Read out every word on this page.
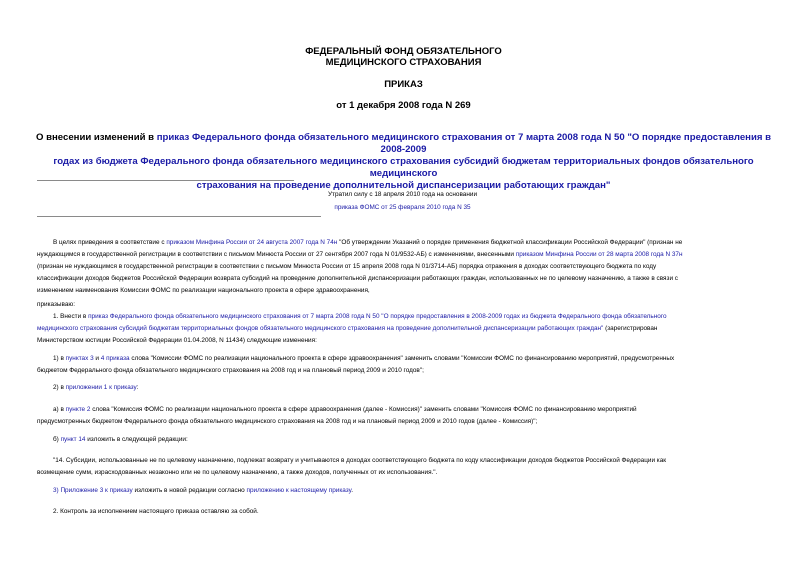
ФЕДЕРАЛЬНЫЙ ФОНД ОБЯЗАТЕЛЬНОГО
МЕДИЦИНСКОГО СТРАХОВАНИЯ
ПРИКАЗ
от 1 декабря 2008 года N 269
О внесении изменений в приказ Федерального фонда обязательного медицинского страхования от 7 марта 2008 года N 50 "О порядке предоставления в 2008-2009
годах из бюджета Федерального фонда обязательного медицинского страхования субсидий бюджетам территориальных фондов обязательного медицинского
страхования на проведение дополнительной диспансеризации работающих граждан"
Утратил силу с 18 апреля 2010 года на основании
приказа ФОМС от 25 февраля 2010 года N 35
В целях приведения в соответствие с приказом Минфина России от 24 августа 2007 года N 74н "Об утверждении Указаний о порядке применения бюджетной классификации Российской Федерации" (признан не
нуждающимся в государственной регистрации в соответствии с письмом Минюста России от 27 сентября 2007 года N 01/9532-АБ) с изменениями, внесенными приказом Минфина России от 28 марта 2008 года N 37н
(признан не нуждающимся в государственной регистрации в соответствии с письмом Минюста России от 15 апреля 2008 года N 01/3714-АБ) порядка отражения в доходах соответствующего бюджета по коду
классификации доходов бюджетов Российской Федерации возврата субсидий на проведение дополнительной диспансеризации работающих граждан, использованных не по целевому назначению, а также в связи с
изменением наименования Комиссии ФОМС по реализации национального проекта в сфере здравоохранения,
приказываю:
1. Внести в приказ Федерального фонда обязательного медицинского страхования от 7 марта 2008 года N 50 "О порядке предоставления в 2008-2009 годах из бюджета Федерального фонда обязательного
медицинского страхования субсидий бюджетам территориальных фондов обязательного медицинского страхования на проведение дополнительной диспансеризации работающих граждан" (зарегистрирован
Министерством юстиции Российской Федерации 01.04.2008, N 11434) следующие изменения:
1) в пунктах 3 и 4 приказа слова "Комиссии ФОМС по реализации национального проекта в сфере здравоохранения" заменить словами "Комиссии ФОМС по финансированию мероприятий, предусмотренных
бюджетом Федерального фонда обязательного медицинского страхования на 2008 год и на плановый период 2009 и 2010 годов";
2) в приложении 1 к приказу:
а) в пункте 2 слова "Комиссия ФОМС по реализации национального проекта в сфере здравоохранения (далее - Комиссия)" заменить словами "Комиссия ФОМС по финансированию мероприятий
предусмотренных бюджетом Федерального фонда обязательного медицинского страхования на 2008 год и на плановый период 2009 и 2010 годов (далее - Комиссия)";
б) пункт 14 изложить в следующей редакции:
"14. Субсидии, использованные не по целевому назначению, подлежат возврату и учитываются в доходах соответствующего бюджета по коду классификации доходов бюджетов Российской Федерации как
возмещение сумм, израсходованных незаконно или не по целевому назначению, а также доходов, полученных от их использования.".
3) Приложение 3 к приказу изложить в новой редакции согласно приложению к настоящему приказу.
2. Контроль за исполнением настоящего приказа оставляю за собой.
